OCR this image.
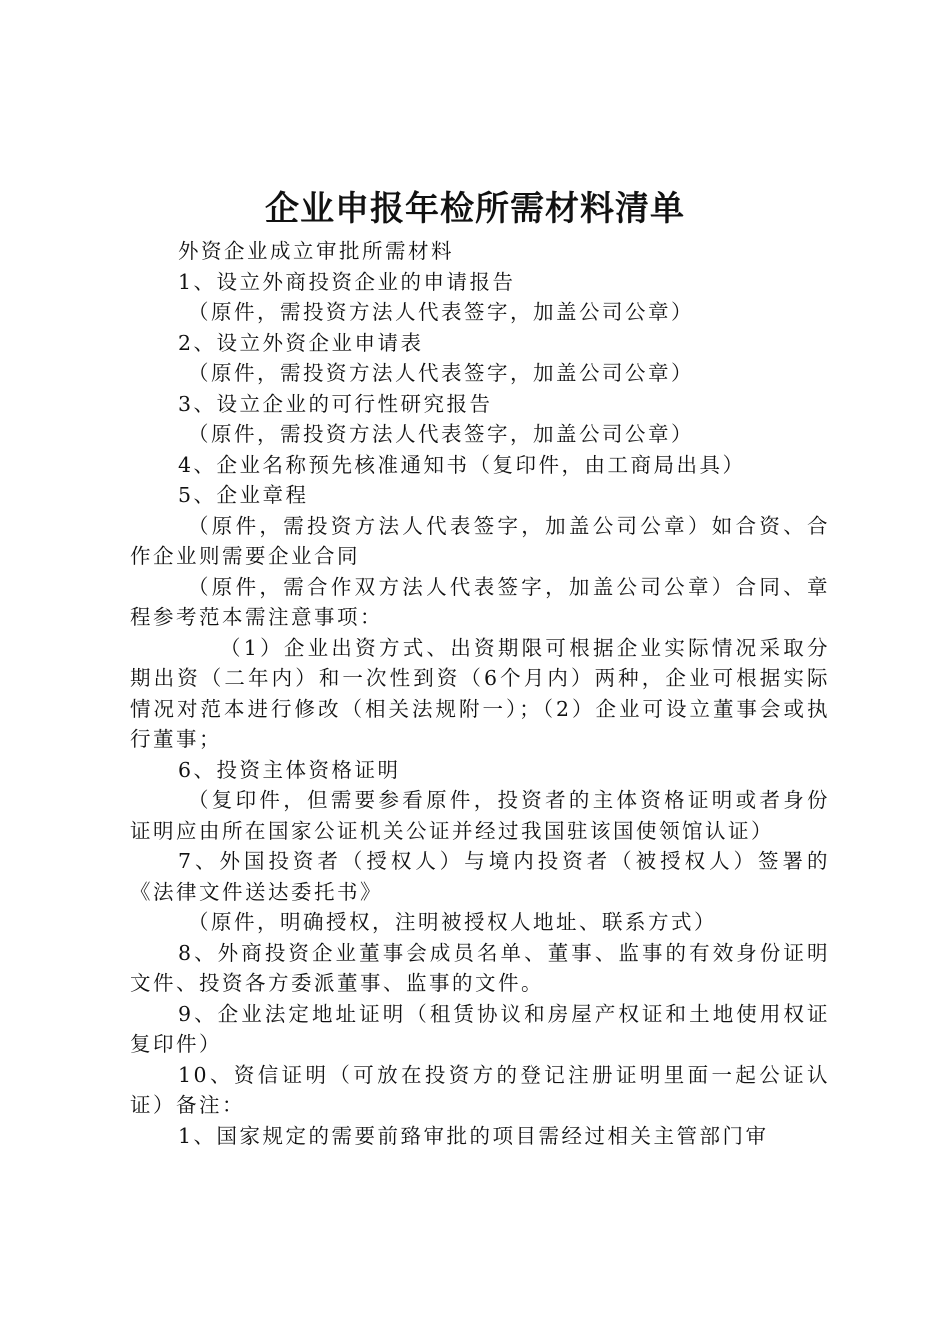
企业申报年检所需材料清单

外资企业成立审批所需材料

1、设立外商投资企业的申请报告

（原件，需投资方法人代表签字，加盖公司公章）

2、设立外资企业申请表

（原件，需投资方法人代表签字，加盖公司公章）

3、设立企业的可行性研究报告

（原件，需投资方法人代表签字，加盖公司公章）

4、企业名称预先核准通知书（复印件，由工商局出具）

5、企业章程

（原件，需投资方法人代表签字，加盖公司公章）如合资、合作企业则需要企业合同

（原件，需合作双方法人代表签字，加盖公司公章）合同、章程参考范本需注意事项：

（1）企业出资方式、出资期限可根据企业实际情况采取分期出资（二年内）和一次性到资（6个月内）两种，企业可根据实际情况对范本进行修改（相关法规附一）；（2）企业可设立董事会或执行董事；

6、投资主体资格证明

（复印件，但需要参看原件，投资者的主体资格证明或者身份证明应由所在国家公证机关公证并经过我国驻该国使领馆认证）

7、外国投资者（授权人）与境内投资者（被授权人）签署的《法律文件送达委托书》

（原件，明确授权，注明被授权人地址、联系方式）

8、外商投资企业董事会成员名单、董事、监事的有效身份证明文件、投资各方委派董事、监事的文件。

9、企业法定地址证明（租赁协议和房屋产权证和土地使用权证复印件）

10、资信证明（可放在投资方的登记注册证明里面一起公证认证）备注：

1、国家规定的需要前臵审批的项目需经过相关主管部门审
